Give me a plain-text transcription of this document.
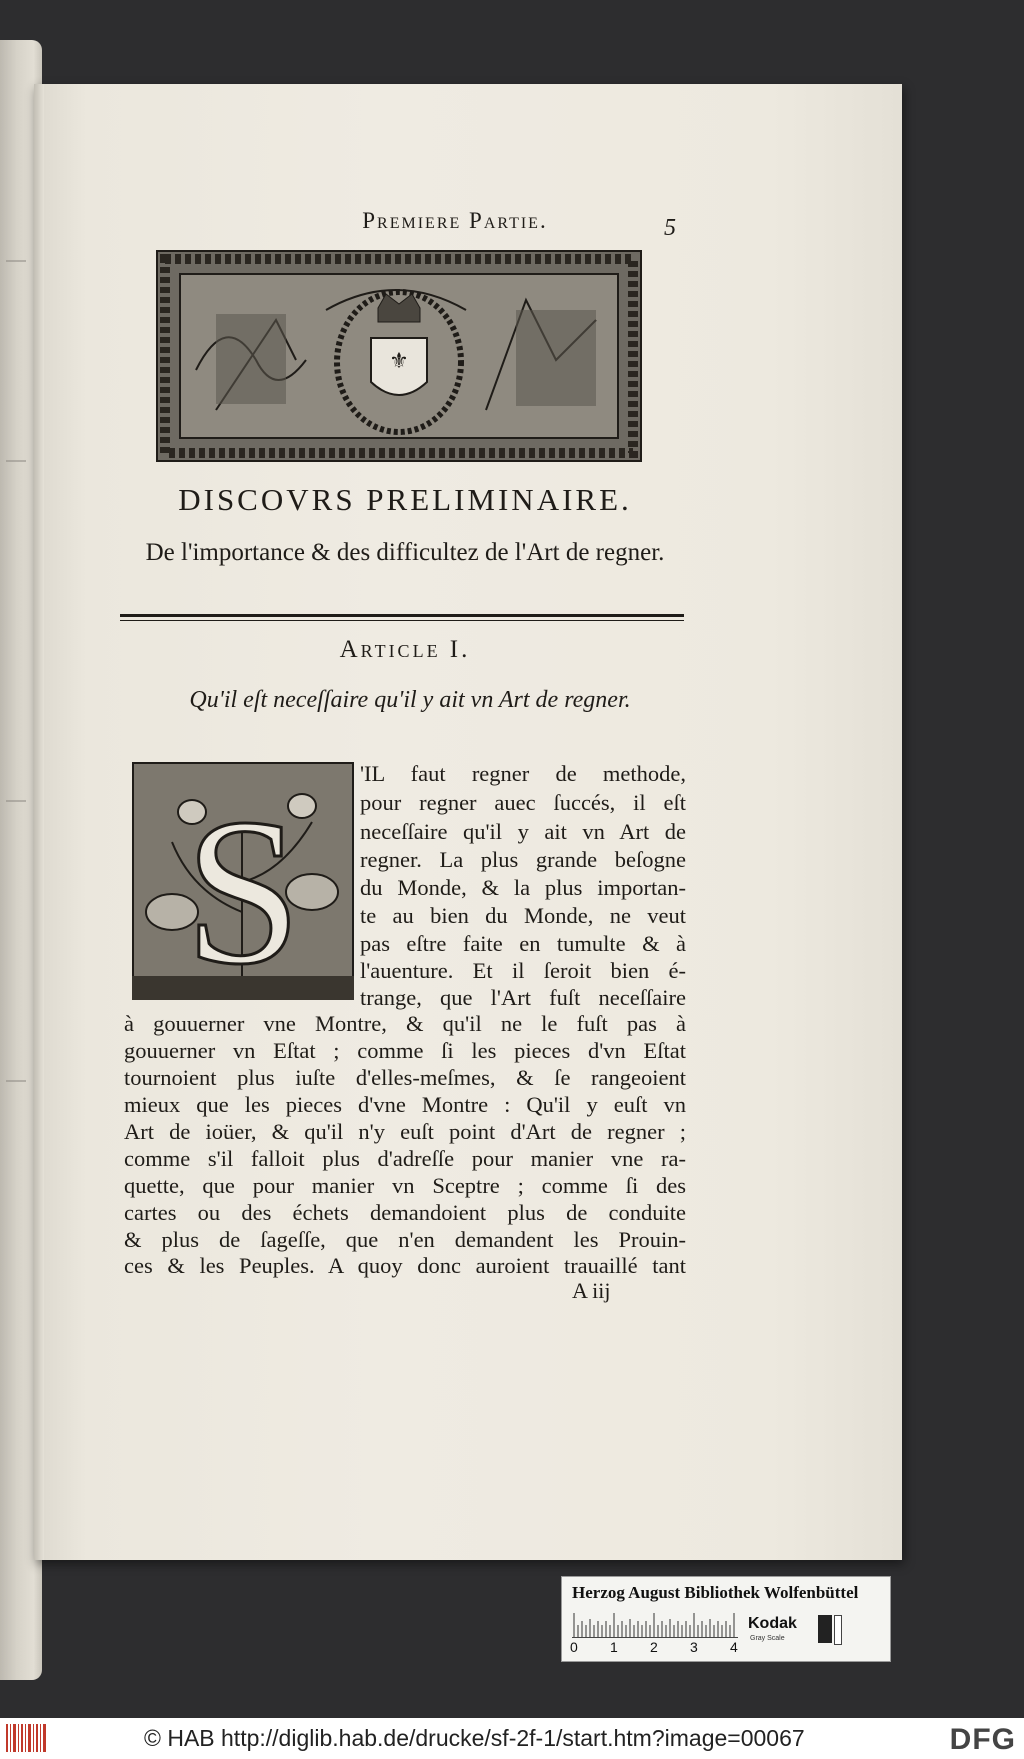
Premiere Partie.	5
⚜
DISCOVRS PRELIMINAIRE.
De l'importance & des difficultez de l'Art de regner.
Article I.
Qu'il eſt neceſſaire qu'il y ait vn Art de regner.
S
'IL faut regner de methode,
pour regner auec ſuccés, il eſt
neceſſaire qu'il y ait vn Art de
regner. La plus grande beſogne
du Monde, & la plus importan-
te au bien du Monde, ne veut
pas eſtre faite en tumulte & à
l'auenture. Et il ſeroit bien é-
trange, que l'Art fuſt neceſſaire
à gouuerner vne Montre, & qu'il ne le fuſt pas à
gouuerner vn Eſtat ; comme ſi les pieces d'vn Eſtat
tournoient plus iuſte d'elles-meſmes, & ſe rangeoient
mieux que les pieces d'vne Montre : Qu'il y euſt vn
Art de ioüer, & qu'il n'y euſt point d'Art de regner ;
comme s'il falloit plus d'adreſſe pour manier vne ra-
quette, que pour manier vn Sceptre ; comme ſi des
cartes ou des échets demandoient plus de conduite
& plus de ſageſſe, que n'en demandent les Prouin-
ces & les Peuples. A quoy donc auroient trauaillé tant
A iij
Herzog August Bibliothek Wolfenbüttel
0 1 2 3 4
Kodak
Gray Scale
© HAB http://diglib.hab.de/drucke/sf-2f-1/start.htm?image=00067	DFG
